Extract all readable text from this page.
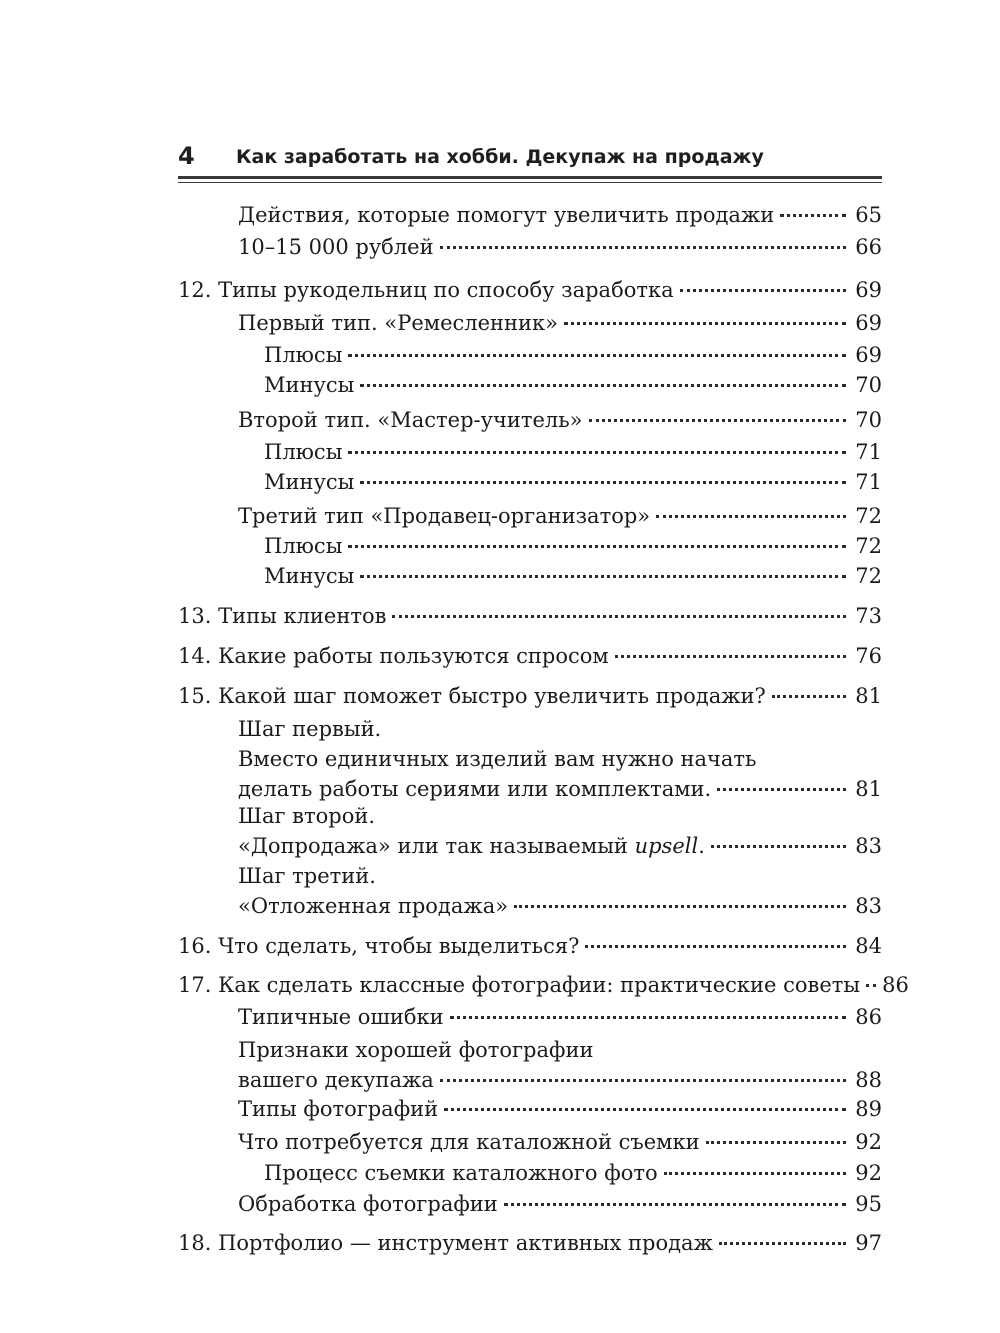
4 Как заработать на хобби. Декупаж на продажу
Действия, которые помогут увеличить продажи	65
10–15 000 рублей	66
12. Типы рукодельниц по способу заработка	69
Первый тип. «Ремесленник»	69
Плюсы	69
Минусы	70
Второй тип. «Мастер-учитель»	70
Плюсы	71
Минусы	71
Третий тип «Продавец-организатор»	72
Плюсы	72
Минусы	72
13. Типы клиентов	73
14. Какие работы пользуются спросом	76
15. Какой шаг поможет быстро увеличить продажи?	81
Шаг первый.
Вместо единичных изделий вам нужно начать
делать работы сериями или комплектами.	81
Шаг второй.
«Допродажа» или так называемый upsell.	83
Шаг третий.
«Отложенная продажа»	83
16. Что сделать, чтобы выделиться?	84
17. Как сделать классные фотографии: практические советы 86
Типичные ошибки	86
Признаки хорошей фотографии
вашего декупажа	88
Типы фотографий	89
Что потребуется для каталожной съемки	92
Процесс съемки каталожного фото	92
Обработка фотографии	95
18. Портфолио — инструмент активных продаж	97
